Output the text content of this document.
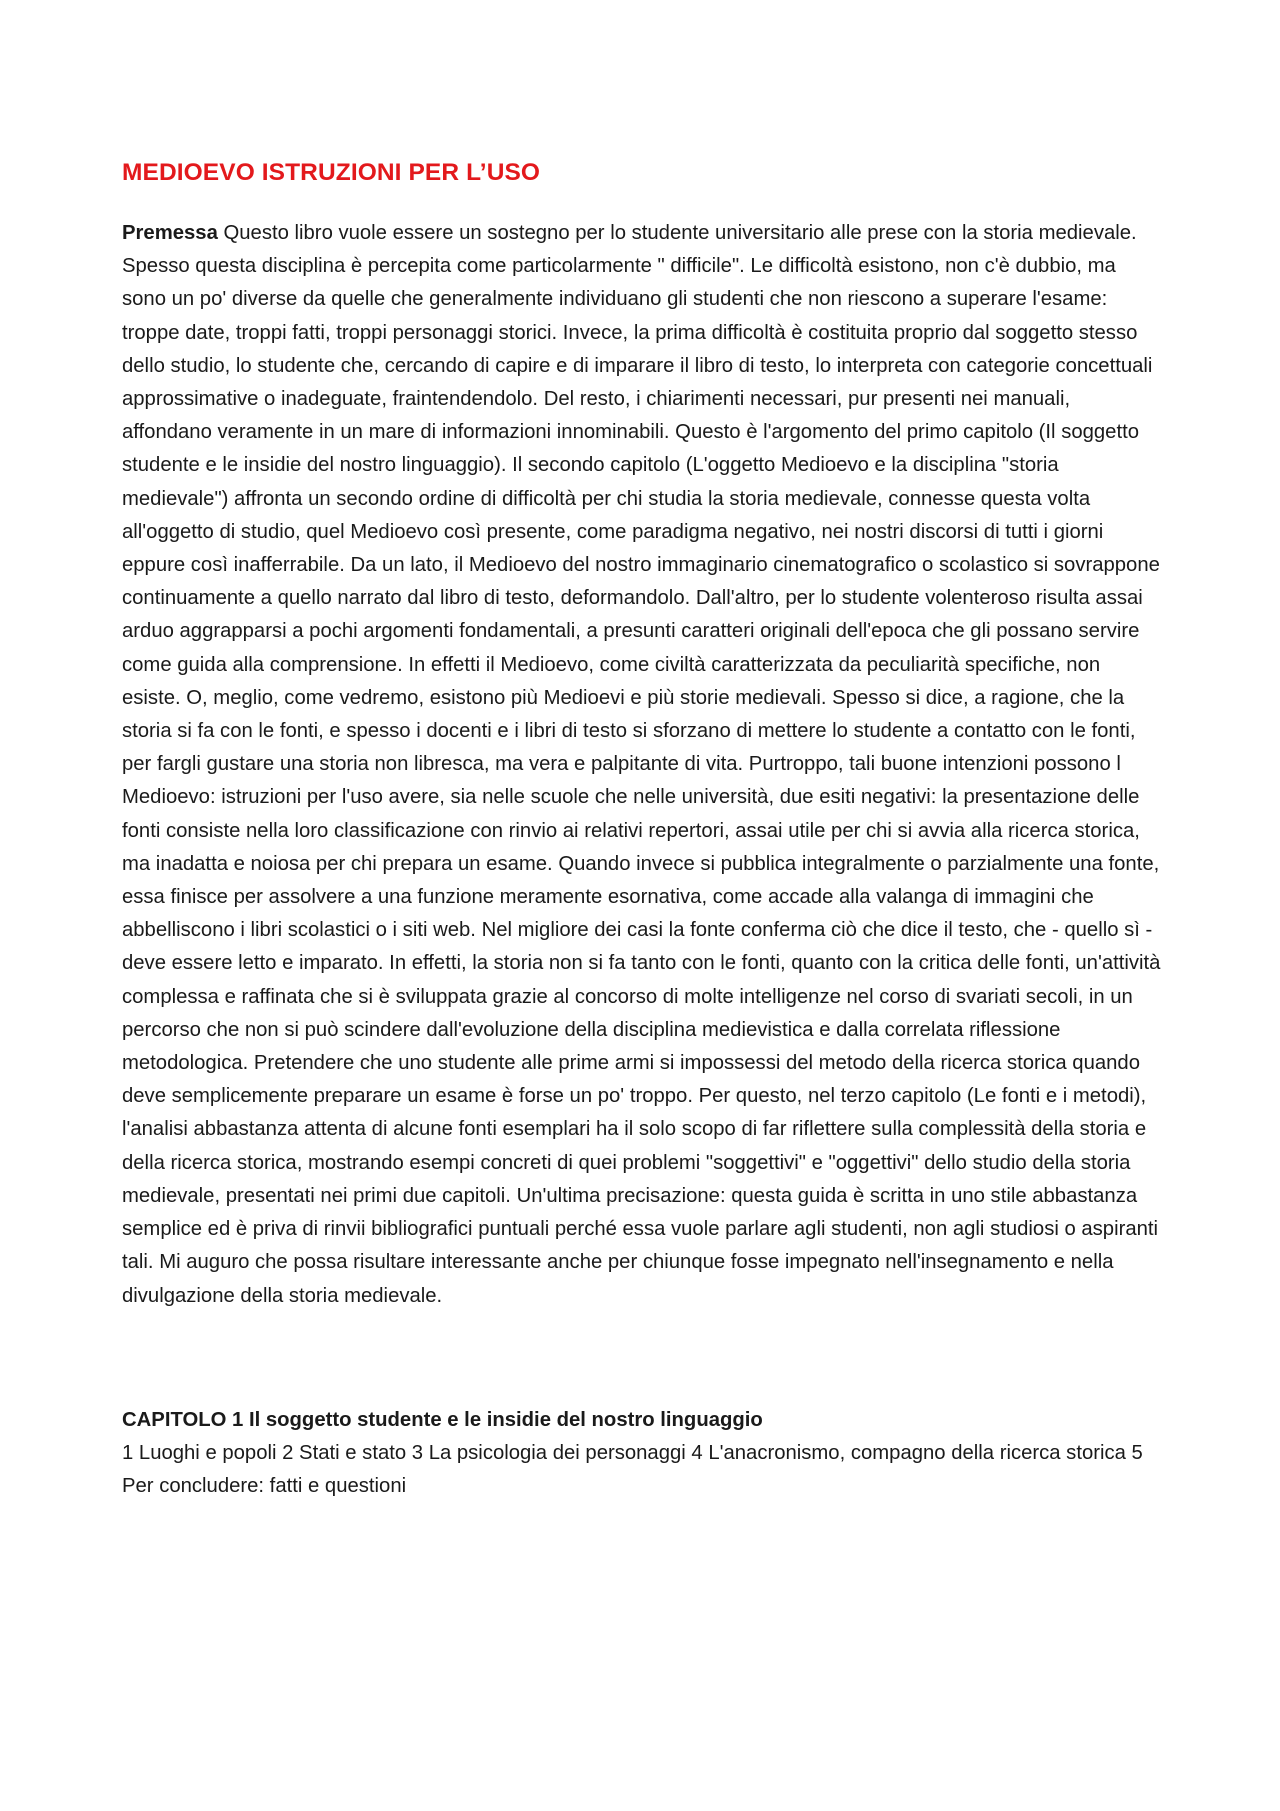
MEDIOEVO ISTRUZIONI PER L’USO

Premessa Questo libro vuole essere un sostegno per lo studente universitario alle prese con la storia medievale. Spesso questa disciplina è percepita come particolarmente " difficile". Le difficoltà esistono, non c'è dubbio, ma sono un po' diverse da quelle che generalmente individuano gli studenti che non riescono a superare l'esame: troppe date, troppi fatti, troppi personaggi storici. Invece, la prima difficoltà è costituita proprio dal soggetto stesso dello studio, lo studente che, cercando di capire e di imparare il libro di testo, lo interpreta con categorie concettuali approssimative o inadeguate, fraintendendolo. Del resto, i chiarimenti necessari, pur presenti nei manuali, affondano veramente in un mare di informazioni innominabili. Questo è l'argomento del primo capitolo (Il soggetto studente e le insidie del nostro linguaggio). Il secondo capitolo (L'oggetto Medioevo e la disciplina "storia medievale") affronta un secondo ordine di difficoltà per chi studia la storia medievale, connesse questa volta all'oggetto di studio, quel Medioevo così presente, come paradigma negativo, nei nostri discorsi di tutti i giorni eppure così inafferrabile. Da un lato, il Medioevo del nostro immaginario cinematografico o scolastico si sovrappone continuamente a quello narrato dal libro di testo, deformandolo. Dall'altro, per lo studente volenteroso risulta assai arduo aggrapparsi a pochi argomenti fondamentali, a presunti caratteri originali dell'epoca che gli possano servire come guida alla comprensione. In effetti il Medioevo, come civiltà caratterizzata da peculiarità specifiche, non esiste. O, meglio, come vedremo, esistono più Medioevi e più storie medievali. Spesso si dice, a ragione, che la storia si fa con le fonti, e spesso i docenti e i libri di testo si sforzano di mettere lo studente a contatto con le fonti, per fargli gustare una storia non libresca, ma vera e palpitante di vita. Purtroppo, tali buone intenzioni possono l Medioevo: istruzioni per l'uso avere, sia nelle scuole che nelle università, due esiti negativi: la presentazione delle fonti consiste nella loro classificazione con rinvio ai relativi repertori, assai utile per chi si avvia alla ricerca storica, ma inadatta e noiosa per chi prepara un esame. Quando invece si pubblica integralmente o parzialmente una fonte, essa finisce per assolvere a una funzione meramente esornativa, come accade alla valanga di immagini che abbelliscono i libri scolastici o i siti web. Nel migliore dei casi la fonte conferma ciò che dice il testo, che - quello sì - deve essere letto e imparato. In effetti, la storia non si fa tanto con le fonti, quanto con la critica delle fonti, un'attività complessa e raffinata che si è sviluppata grazie al concorso di molte intelligenze nel corso di svariati secoli, in un percorso che non si può scindere dall'evoluzione della disciplina medievistica e dalla correlata riflessione metodologica. Pretendere che uno studente alle prime armi si impossessi del metodo della ricerca storica quando deve semplicemente preparare un esame è forse un po' troppo. Per questo, nel terzo capitolo (Le fonti e i metodi), l'analisi abbastanza attenta di alcune fonti esemplari ha il solo scopo di far riflettere sulla complessità della storia e della ricerca storica, mostrando esempi concreti di quei problemi "soggettivi" e "oggettivi" dello studio della storia medievale, presentati nei primi due capitoli. Un'ultima precisazione: questa guida è scritta in uno stile abbastanza semplice ed è priva di rinvii bibliografici puntuali perché essa vuole parlare agli studenti, non agli studiosi o aspiranti tali. Mi auguro che possa risultare interessante anche per chiunque fosse impegnato nell'insegnamento e nella divulgazione della storia medievale.

CAPITOLO 1 Il soggetto studente e le insidie del nostro linguaggio

1 Luoghi e popoli 2 Stati e stato 3 La psicologia dei personaggi 4 L'anacronismo, compagno della ricerca storica 5 Per concludere: fatti e questioni
